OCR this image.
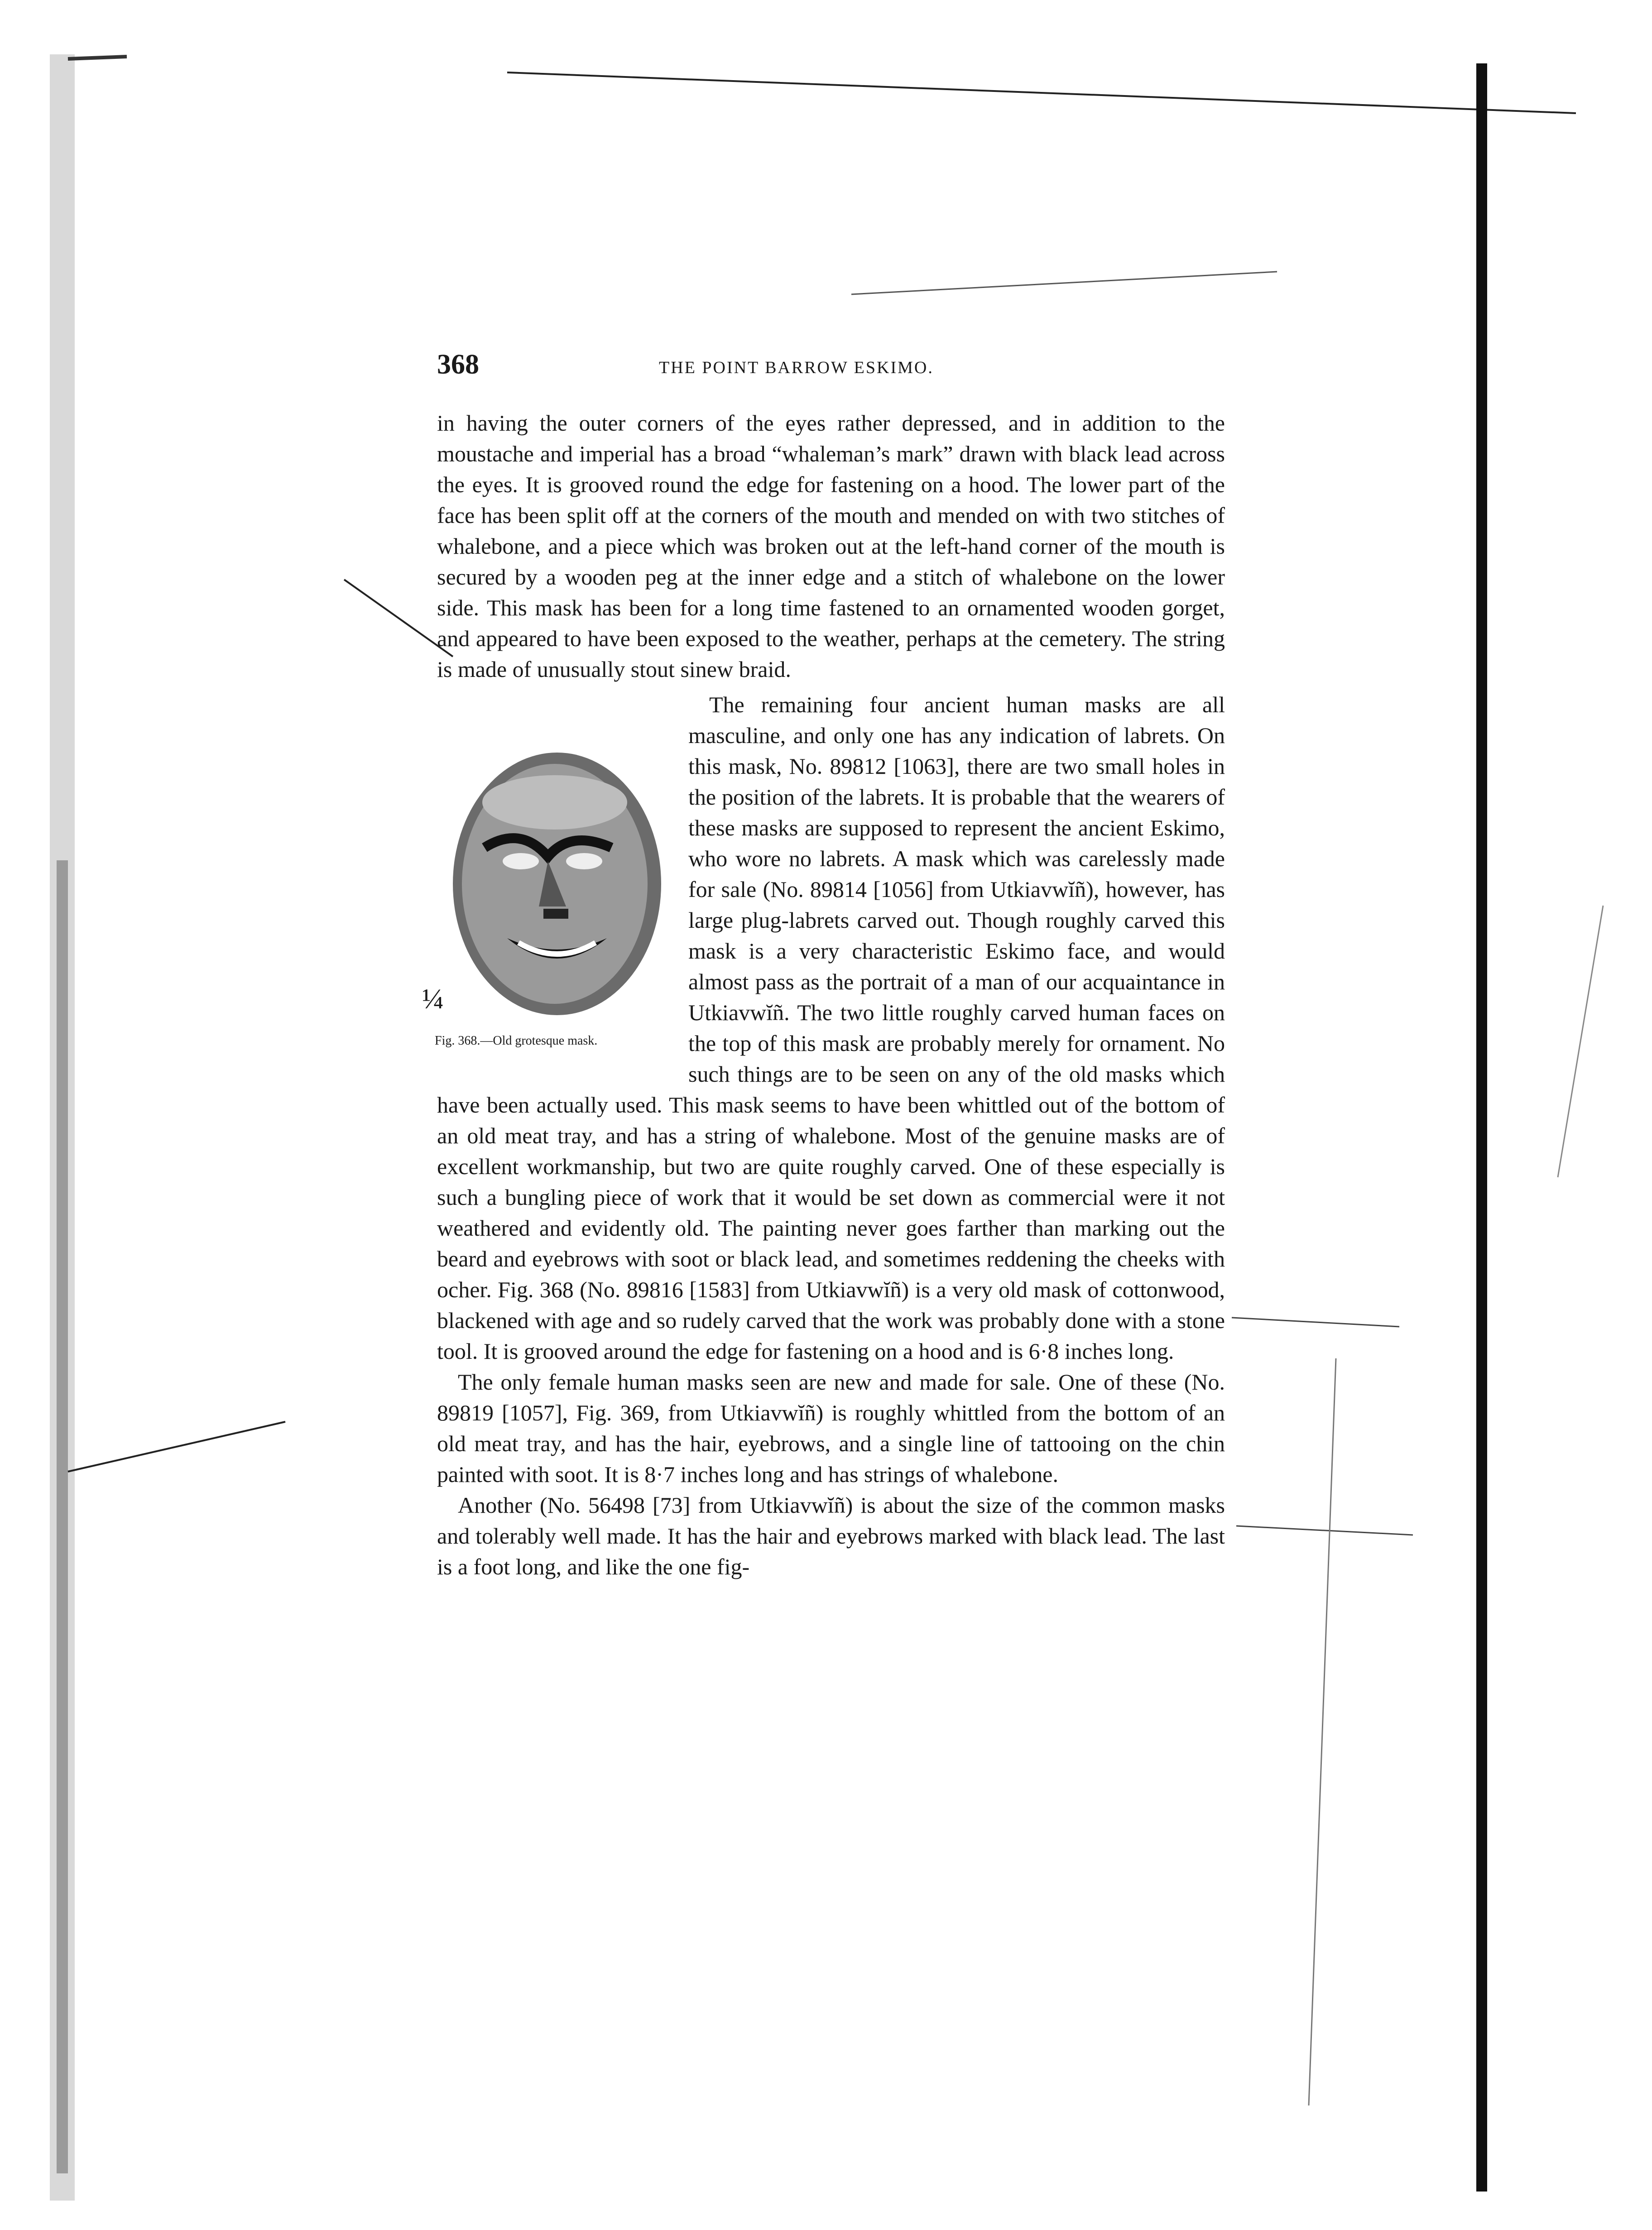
368	THE POINT BARROW ESKIMO.

in having the outer corners of the eyes rather depressed, and in addition to the moustache and imperial has a broad “whaleman’s mark” drawn with black lead across the eyes. It is grooved round the edge for fastening on a hood. The lower part of the face has been split off at the corners of the mouth and mended on with two stitches of whalebone, and a piece which was broken out at the left-hand corner of the mouth is secured by a wooden peg at the inner edge and a stitch of whalebone on the lower side. This mask has been for a long time fastened to an ornamented wooden gorget, and appeared to have been exposed to the weather, perhaps at the cemetery. The string is made of unusually stout sinew braid.

¼
Fig. 368.—Old grotesque mask.

The remaining four ancient human masks are all masculine, and only one has any indication of labrets. On this mask, No. 89812 [1063], there are two small holes in the position of the labrets. It is probable that the wearers of these masks are supposed to represent the ancient Eskimo, who wore no labrets. A mask which was carelessly made for sale (No. 89814 [1056] from Utkiavwĭñ), however, has large plug-labrets carved out. Though roughly carved this mask is a very characteristic Eskimo face, and would almost pass as the portrait of a man of our acquaintance in Utkiavwĭñ. The two little roughly carved human faces on the top of this mask are probably merely for ornament. No such things are to be seen on any of the old masks which have been actually used. This mask seems to have been whittled out of the bottom of an old meat tray, and has a string of whalebone. Most of the genuine masks are of excellent workmanship, but two are quite roughly carved. One of these especially is such a bungling piece of work that it would be set down as commercial were it not weathered and evidently old. The painting never goes farther than marking out the beard and eyebrows with soot or black lead, and sometimes reddening the cheeks with ocher. Fig. 368 (No. 89816 [1583] from Utkiavwĭñ) is a very old mask of cottonwood, blackened with age and so rudely carved that the work was probably done with a stone tool. It is grooved around the edge for fastening on a hood and is 6·8 inches long.

The only female human masks seen are new and made for sale. One of these (No. 89819 [1057], Fig. 369, from Utkiavwĭñ) is roughly whittled from the bottom of an old meat tray, and has the hair, eyebrows, and a single line of tattooing on the chin painted with soot. It is 8·7 inches long and has strings of whalebone.

Another (No. 56498 [73] from Utkiavwĭñ) is about the size of the common masks and tolerably well made. It has the hair and eyebrows marked with black lead. The last is a foot long, and like the one fig-
